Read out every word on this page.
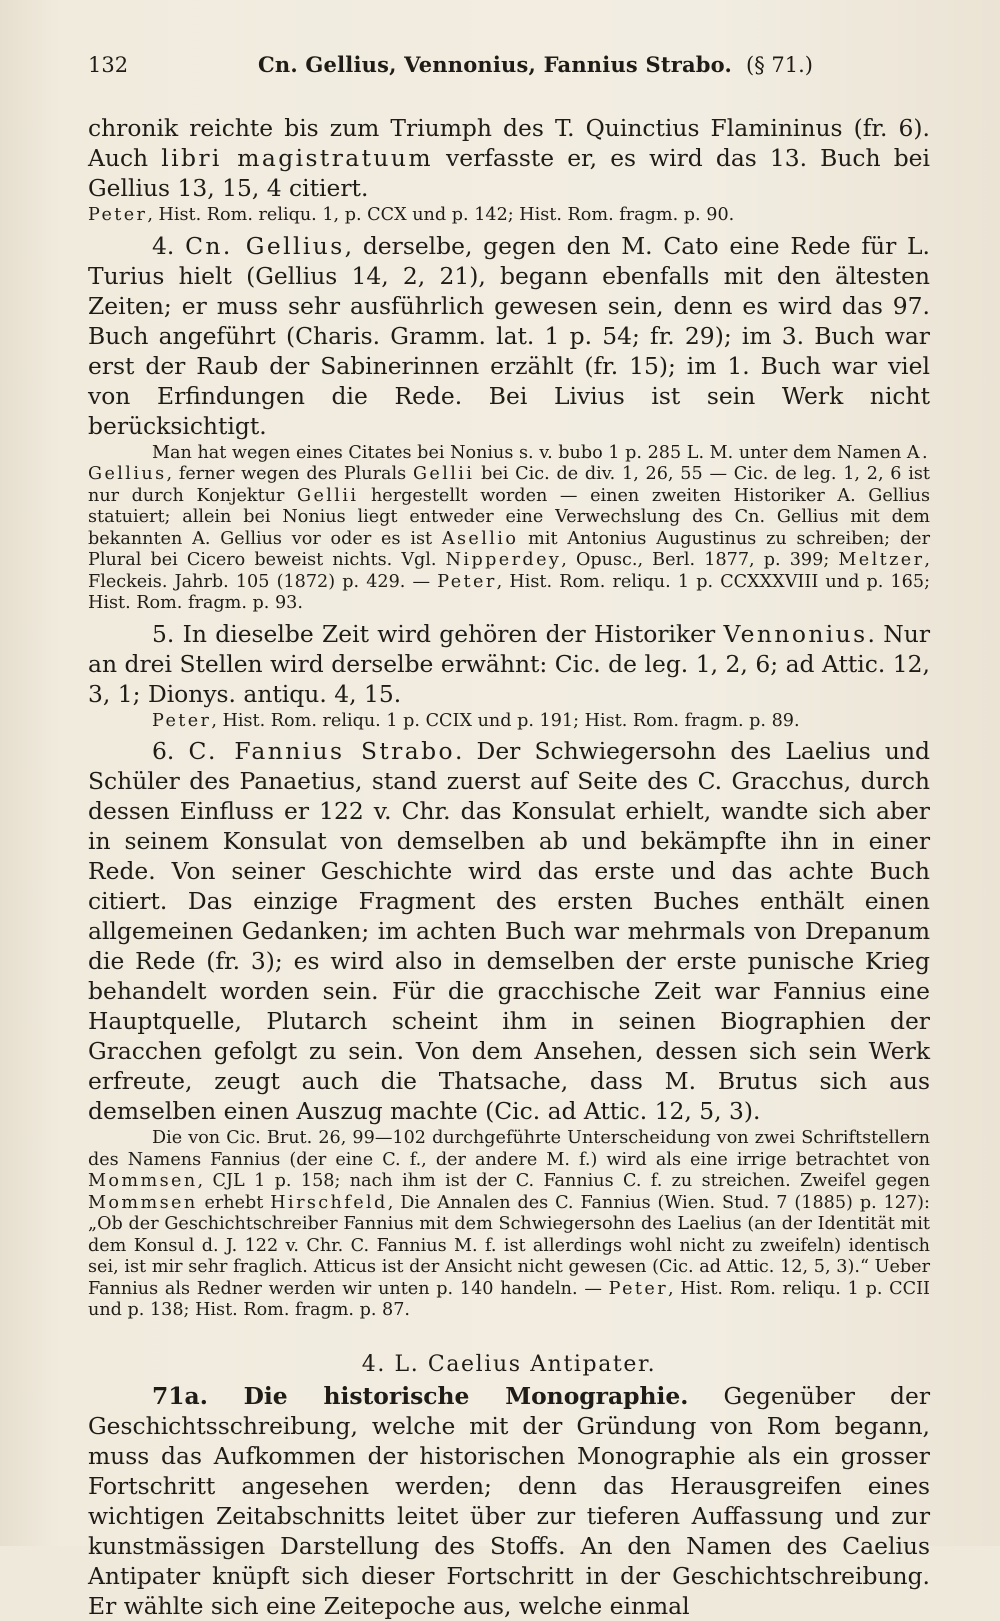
132	Cn. Gellius, Vennonius, Fannius Strabo. (§ 71.)

chronik reichte bis zum Triumph des T. Quinctius Flamininus (fr. 6). Auch libri magistratuum verfasste er, es wird das 13. Buch bei Gellius 13, 15, 4 citiert.

Peter, Hist. Rom. reliqu. 1, p. CCX und p. 142; Hist. Rom. fragm. p. 90.

4. Cn. Gellius, derselbe, gegen den M. Cato eine Rede für L. Turius hielt (Gellius 14, 2, 21), begann ebenfalls mit den ältesten Zeiten; er muss sehr ausführlich gewesen sein, denn es wird das 97. Buch angeführt (Charis. Gramm. lat. 1 p. 54; fr. 29); im 3. Buch war erst der Raub der Sabinerinnen erzählt (fr. 15); im 1. Buch war viel von Erfindungen die Rede. Bei Livius ist sein Werk nicht berücksichtigt.

Man hat wegen eines Citates bei Nonius s. v. bubo 1 p. 285 L. M. unter dem Namen A. Gellius, ferner wegen des Plurals Gellii bei Cic. de div. 1, 26, 55 — Cic. de leg. 1, 2, 6 ist nur durch Konjektur Gellii hergestellt worden — einen zweiten Historiker A. Gellius statuiert; allein bei Nonius liegt entweder eine Verwechslung des Cn. Gellius mit dem bekannten A. Gellius vor oder es ist Asellio mit Antonius Augustinus zu schreiben; der Plural bei Cicero beweist nichts. Vgl. Nipperdey, Opusc., Berl. 1877, p. 399; Meltzer, Fleckeis. Jahrb. 105 (1872) p. 429. — Peter, Hist. Rom. reliqu. 1 p. CCXXXVIII und p. 165; Hist. Rom. fragm. p. 93.

5. In dieselbe Zeit wird gehören der Historiker Vennonius. Nur an drei Stellen wird derselbe erwähnt: Cic. de leg. 1, 2, 6; ad Attic. 12, 3, 1; Dionys. antiqu. 4, 15.

Peter, Hist. Rom. reliqu. 1 p. CCIX und p. 191; Hist. Rom. fragm. p. 89.

6. C. Fannius Strabo. Der Schwiegersohn des Laelius und Schüler des Panaetius, stand zuerst auf Seite des C. Gracchus, durch dessen Einfluss er 122 v. Chr. das Konsulat erhielt, wandte sich aber in seinem Konsulat von demselben ab und bekämpfte ihn in einer Rede. Von seiner Geschichte wird das erste und das achte Buch citiert. Das einzige Fragment des ersten Buches enthält einen allgemeinen Gedanken; im achten Buch war mehrmals von Drepanum die Rede (fr. 3); es wird also in demselben der erste punische Krieg behandelt worden sein. Für die gracchische Zeit war Fannius eine Hauptquelle, Plutarch scheint ihm in seinen Biographien der Gracchen gefolgt zu sein. Von dem Ansehen, dessen sich sein Werk erfreute, zeugt auch die Thatsache, dass M. Brutus sich aus demselben einen Auszug machte (Cic. ad Attic. 12, 5, 3).

Die von Cic. Brut. 26, 99—102 durchgeführte Unterscheidung von zwei Schriftstellern des Namens Fannius (der eine C. f., der andere M. f.) wird als eine irrige betrachtet von Mommsen, CJL 1 p. 158; nach ihm ist der C. Fannius C. f. zu streichen. Zweifel gegen Mommsen erhebt Hirschfeld, Die Annalen des C. Fannius (Wien. Stud. 7 (1885) p. 127): „Ob der Geschichtschreiber Fannius mit dem Schwiegersohn des Laelius (an der Identität mit dem Konsul d. J. 122 v. Chr. C. Fannius M. f. ist allerdings wohl nicht zu zweifeln) identisch sei, ist mir sehr fraglich. Atticus ist der Ansicht nicht gewesen (Cic. ad Attic. 12, 5, 3).“ Ueber Fannius als Redner werden wir unten p. 140 handeln. — Peter, Hist. Rom. reliqu. 1 p. CCII und p. 138; Hist. Rom. fragm. p. 87.

4. L. Caelius Antipater.

71a. Die historische Monographie. Gegenüber der Geschichtsschreibung, welche mit der Gründung von Rom begann, muss das Aufkommen der historischen Monographie als ein grosser Fortschritt angesehen werden; denn das Herausgreifen eines wichtigen Zeitabschnitts leitet über zur tieferen Auffassung und zur kunstmässigen Darstellung des Stoffs. An den Namen des Caelius Antipater knüpft sich dieser Fortschritt in der Geschichtschreibung. Er wählte sich eine Zeitepoche aus, welche einmal
